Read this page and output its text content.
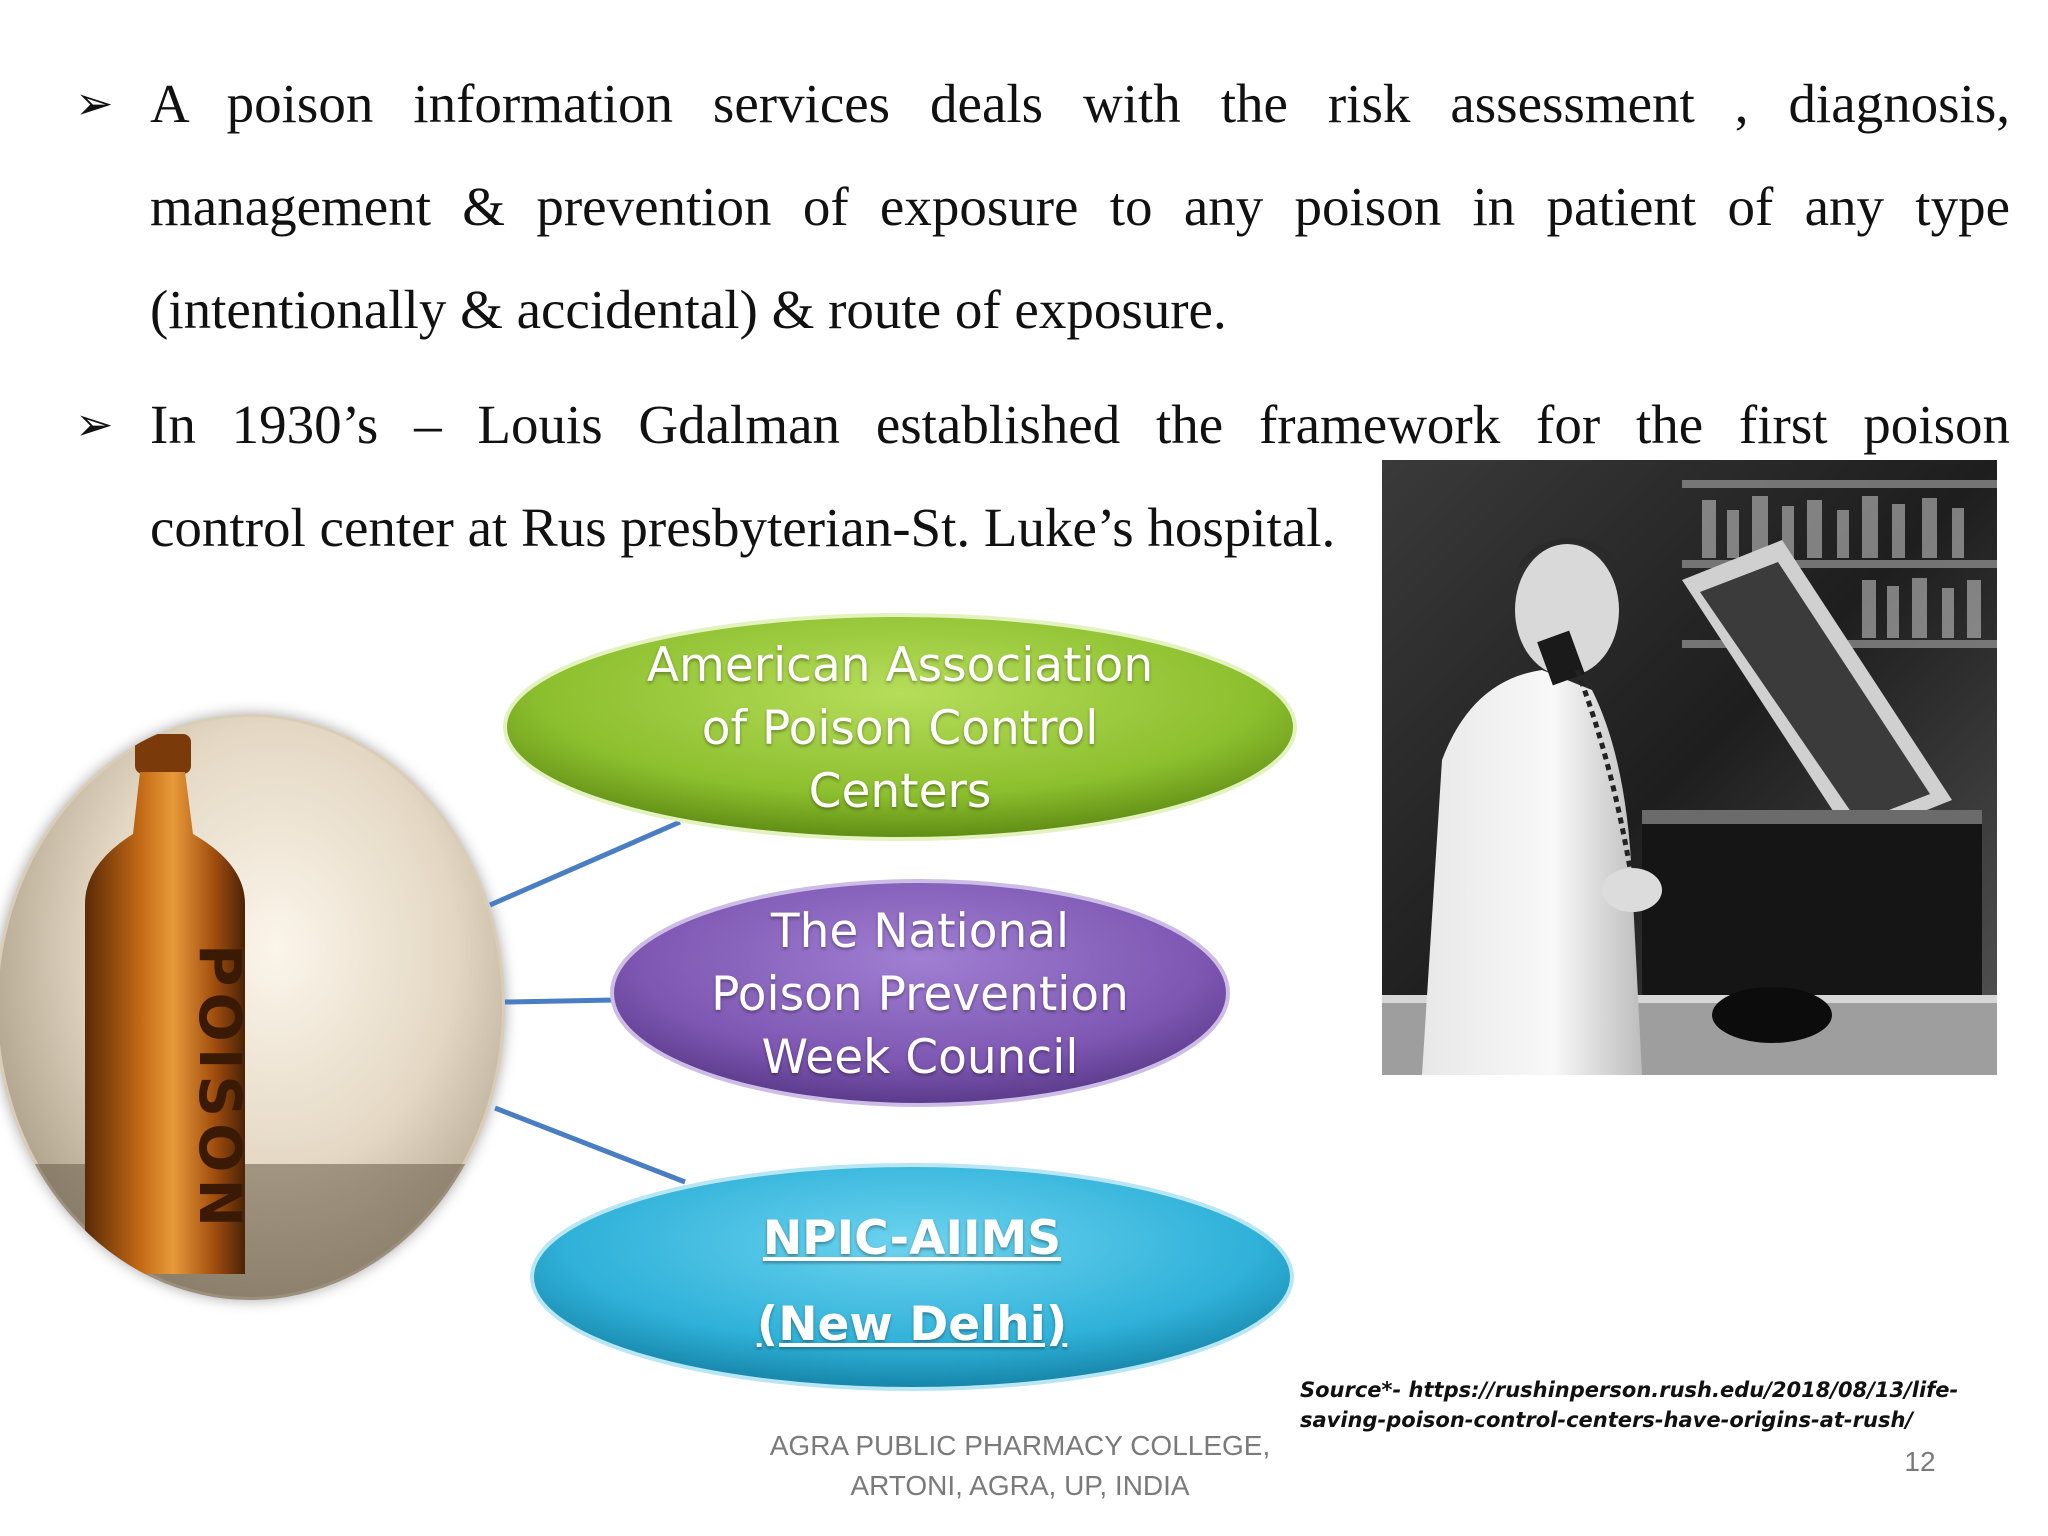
➢ A poison information services deals with the risk assessment , diagnosis,
management & prevention of exposure to any poison in patient of any type
(intentionally & accidental) & route of exposure.
➢ In 1930’s – Louis Gdalman established the framework for the first poison
control center at Rus presbyterian-St. Luke’s hospital.
POISON
American Association
of Poison Control
Centers
The National
Poison Prevention
Week Council
NPIC-AIIMS
(New Delhi)
Source*- https://rushinperson.rush.edu/2018/08/13/life-saving-poison-control-centers-have-origins-at-rush/
AGRA PUBLIC PHARMACY COLLEGE,
ARTONI, AGRA, UP, INDIA
12
